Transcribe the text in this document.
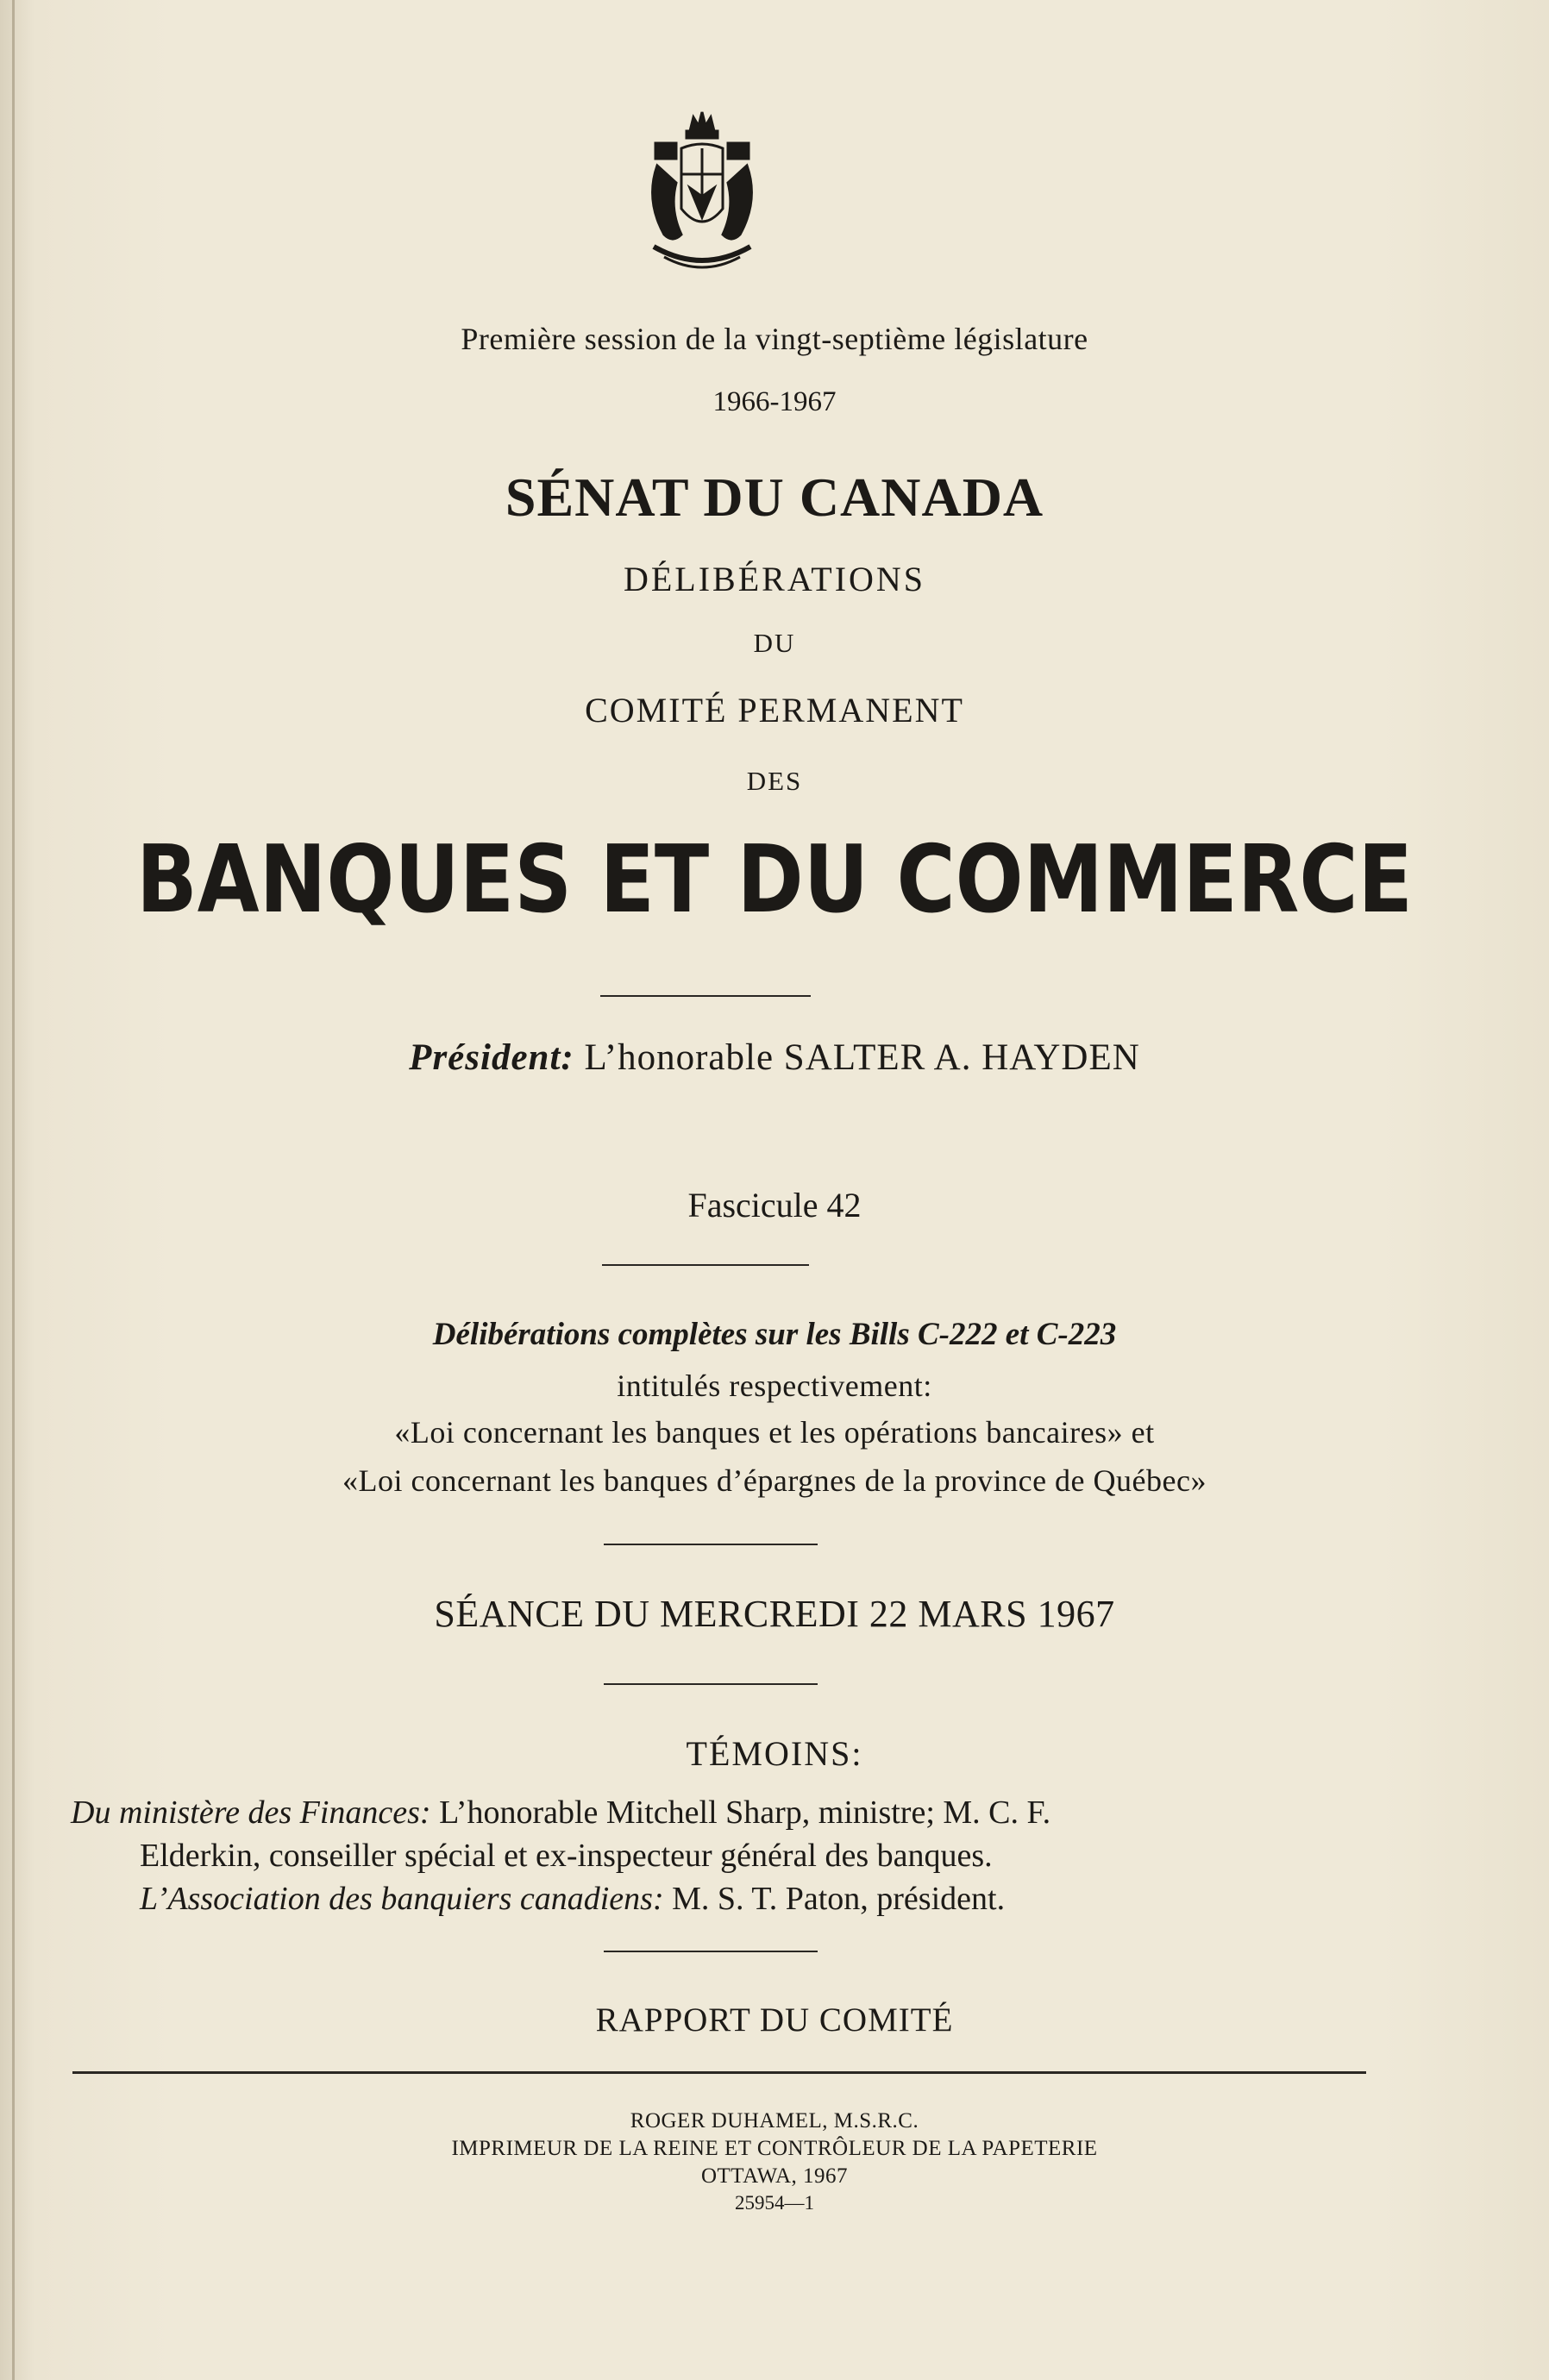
Première session de la vingt-septième législature
1966-1967
SÉNAT DU CANADA
DÉLIBÉRATIONS
DU
COMITÉ PERMANENT
DES
BANQUES ET DU COMMERCE
Président: L’honorable SALTER A. HAYDEN
Fascicule 42
Délibérations complètes sur les Bills C-222 et C-223
intitulés respectivement:
«Loi concernant les banques et les opérations bancaires» et
«Loi concernant les banques d’épargnes de la province de Québec»
SÉANCE DU MERCREDI 22 MARS 1967
TÉMOINS:
Du ministère des Finances: L’honorable Mitchell Sharp, ministre; M. C. F.
Elderkin, conseiller spécial et ex-inspecteur général des banques.
L’Association des banquiers canadiens: M. S. T. Paton, président.
RAPPORT DU COMITÉ
ROGER DUHAMEL, M.S.R.C.
IMPRIMEUR DE LA REINE ET CONTRÔLEUR DE LA PAPETERIE
OTTAWA, 1967
25954—1
